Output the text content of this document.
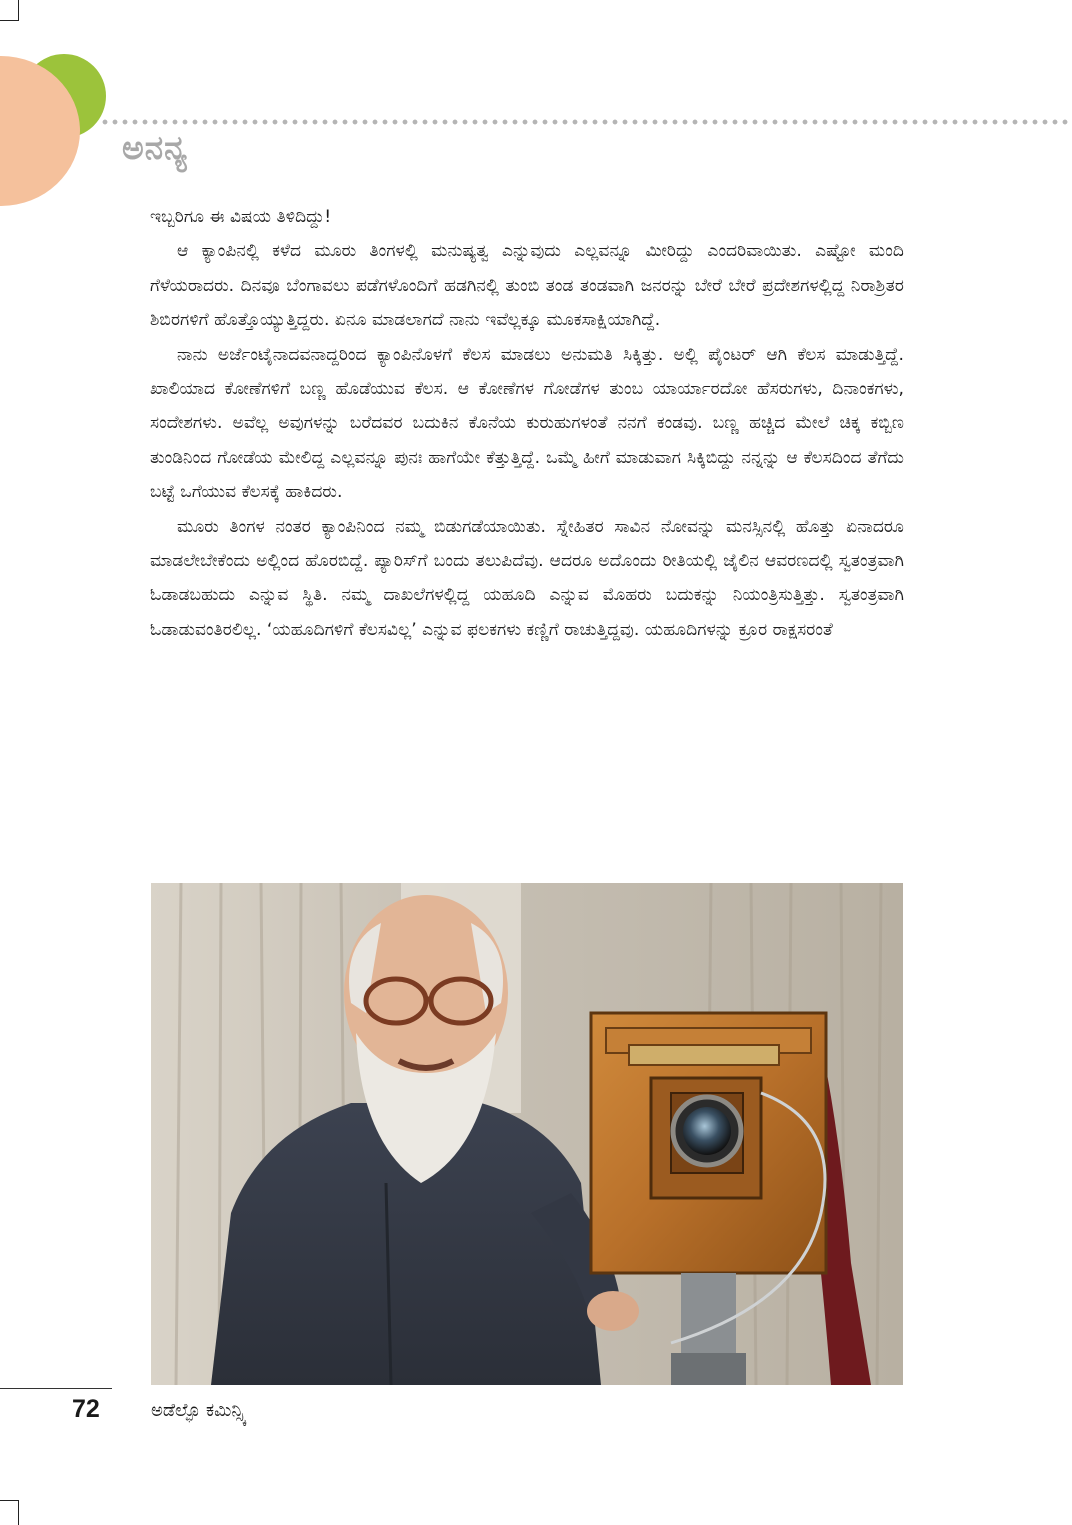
ಅನನ್ಯ

ಇಬ್ಬರಿಗೂ ಈ ವಿಷಯ ತಿಳಿದಿದ್ದು!

ಆ ಕ್ಯಾಂಪಿನಲ್ಲಿ ಕಳೆದ ಮೂರು ತಿಂಗಳಲ್ಲಿ ಮನುಷ್ಯತ್ವ ಎನ್ನುವುದು ಎಲ್ಲವನ್ನೂ ಮೀರಿದ್ದು ಎಂದರಿವಾಯಿತು. ಎಷ್ಟೋ ಮಂದಿ ಗೆಳೆಯರಾದರು. ದಿನವೂ ಬೆಂಗಾವಲು ಪಡೆಗಳೊಂದಿಗೆ ಹಡಗಿನಲ್ಲಿ ತುಂಬಿ ತಂಡ ತಂಡವಾಗಿ ಜನರನ್ನು ಬೇರೆ ಬೇರೆ ಪ್ರದೇಶಗಳಲ್ಲಿದ್ದ ನಿರಾಶ್ರಿತರ ಶಿಬಿರಗಳಿಗೆ ಹೊತ್ತೊಯ್ಯುತ್ತಿದ್ದರು. ಏನೂ ಮಾಡಲಾಗದೆ ನಾನು ಇವೆಲ್ಲಕ್ಕೂ ಮೂಕಸಾಕ್ಷಿಯಾಗಿದ್ದೆ.

ನಾನು ಅರ್ಜೆಂಟೈನಾದವನಾದ್ದರಿಂದ ಕ್ಯಾಂಪಿನೊಳಗೆ ಕೆಲಸ ಮಾಡಲು ಅನುಮತಿ ಸಿಕ್ಕಿತ್ತು. ಅಲ್ಲಿ ಪೈಂಟರ್ ಆಗಿ ಕೆಲಸ ಮಾಡುತ್ತಿದ್ದೆ. ಖಾಲಿಯಾದ ಕೋಣೆಗಳಿಗೆ ಬಣ್ಣ ಹೊಡೆಯುವ ಕೆಲಸ. ಆ ಕೋಣೆಗಳ ಗೋಡೆಗಳ ತುಂಬ ಯಾರ್ಯಾರದೋ ಹೆಸರುಗಳು, ದಿನಾಂಕಗಳು, ಸಂದೇಶಗಳು. ಅವೆಲ್ಲ ಅವುಗಳನ್ನು ಬರೆದವರ ಬದುಕಿನ ಕೊನೆಯ ಕುರುಹುಗಳಂತೆ ನನಗೆ ಕಂಡವು. ಬಣ್ಣ ಹಚ್ಚಿದ ಮೇಲೆ ಚಿಕ್ಕ ಕಬ್ಬಿಣ ತುಂಡಿನಿಂದ ಗೋಡೆಯ ಮೇಲಿದ್ದ ಎಲ್ಲವನ್ನೂ ಪುನಃ ಹಾಗೆಯೇ ಕೆತ್ತುತ್ತಿದ್ದೆ. ಒಮ್ಮೆ ಹೀಗೆ ಮಾಡುವಾಗ ಸಿಕ್ಕಿಬಿದ್ದು ನನ್ನನ್ನು ಆ ಕೆಲಸದಿಂದ ತೆಗೆದು ಬಟ್ಟೆ ಒಗೆಯುವ ಕೆಲಸಕ್ಕೆ ಹಾಕಿದರು.

ಮೂರು ತಿಂಗಳ ನಂತರ ಕ್ಯಾಂಪಿನಿಂದ ನಮ್ಮ ಬಿಡುಗಡೆಯಾಯಿತು. ಸ್ನೇಹಿತರ ಸಾವಿನ ನೋವನ್ನು ಮನಸ್ಸಿನಲ್ಲಿ ಹೊತ್ತು ಏನಾದರೂ ಮಾಡಲೇಬೇಕೆಂದು ಅಲ್ಲಿಂದ ಹೊರಬಿದ್ದೆ. ಪ್ಯಾರಿಸ್‌ಗೆ ಬಂದು ತಲುಪಿದೆವು. ಆದರೂ ಅದೊಂದು ರೀತಿಯಲ್ಲಿ ಜೈಲಿನ ಆವರಣದಲ್ಲಿ ಸ್ವತಂತ್ರವಾಗಿ ಓಡಾಡಬಹುದು ಎನ್ನುವ ಸ್ಥಿತಿ. ನಮ್ಮ ದಾಖಲೆಗಳಲ್ಲಿದ್ದ ಯಹೂದಿ ಎನ್ನುವ ಮೊಹರು ಬದುಕನ್ನು ನಿಯಂತ್ರಿಸುತ್ತಿತ್ತು. ಸ್ವತಂತ್ರವಾಗಿ ಓಡಾಡುವಂತಿರಲಿಲ್ಲ. ‘ಯಹೂದಿಗಳಿಗೆ ಕೆಲಸವಿಲ್ಲ’ ಎನ್ನುವ ಫಲಕಗಳು ಕಣ್ಣಿಗೆ ರಾಚುತ್ತಿದ್ದವು. ಯಹೂದಿಗಳನ್ನು ಕ್ರೂರ ರಾಕ್ಷಸರಂತೆ

72	ಅಡೆಲ್ಫೊ ಕಮಿನ್ಸ್ಕಿ
